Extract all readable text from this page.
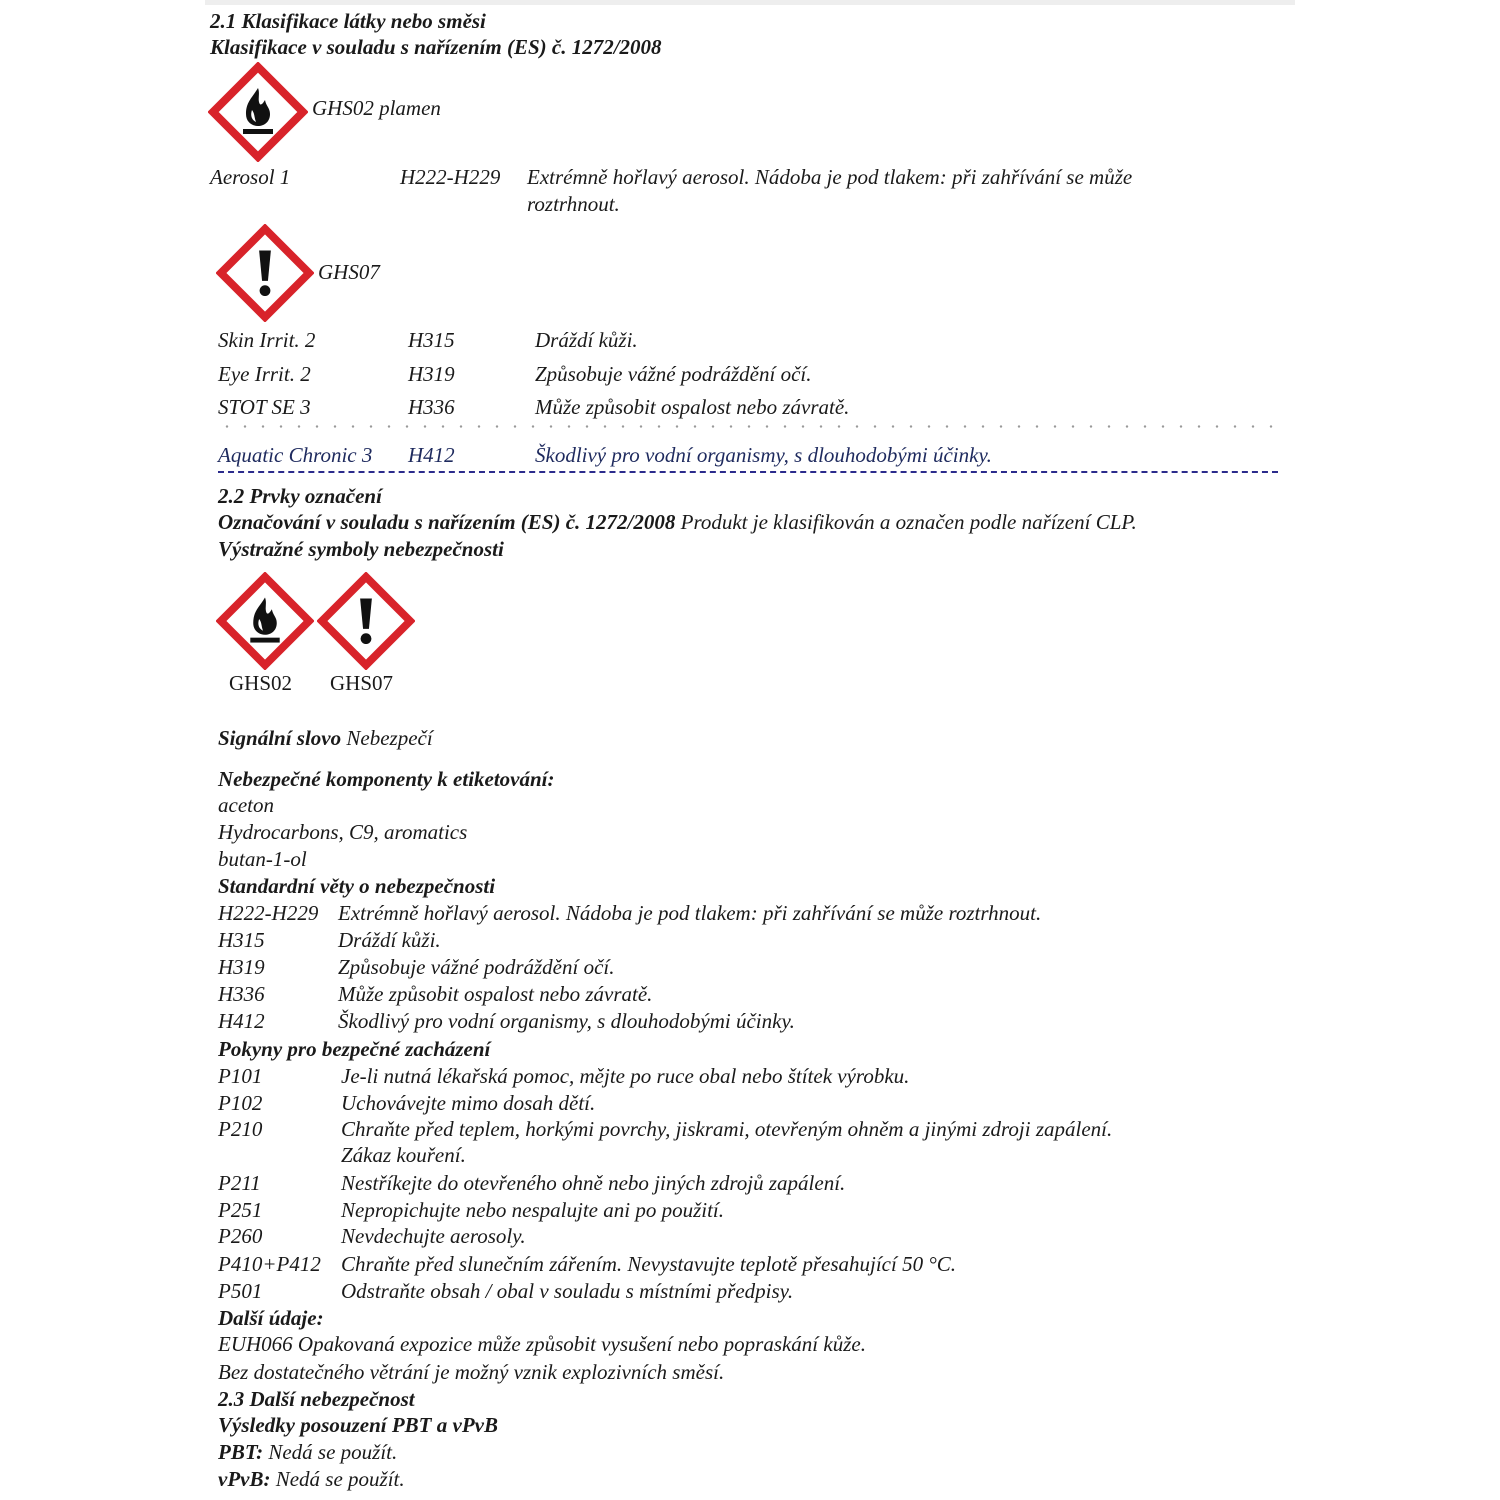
2.1 Klasifikace látky nebo směsi
Klasifikace v souladu s nařízením (ES) č. 1272/2008
GHS02 plamen
Aerosol 1	H222-H229 Extrémně hořlavý aerosol. Nádoba je pod tlakem: při zahřívání se může
roztrhnout.
GHS07
Skin Irrit. 2	H315	Dráždí kůži.
Eye Irrit. 2	H319	Způsobuje vážné podráždění očí.
STOT SE 3	H336	Může způsobit ospalost nebo závratě.
Aquatic Chronic 3 H412	Škodlivý pro vodní organismy, s dlouhodobými účinky.
2.2 Prvky označení
Označování v souladu s nařízením (ES) č. 1272/2008 Produkt je klasifikován a označen podle nařízení CLP.
Výstražné symboly nebezpečnosti
GHS02 GHS07
Signální slovo Nebezpečí
Nebezpečné komponenty k etiketování:
aceton
Hydrocarbons, C9, aromatics
butan-1-ol
Standardní věty o nebezpečnosti
H222-H229 Extrémně hořlavý aerosol. Nádoba je pod tlakem: při zahřívání se může roztrhnout.
H315	Dráždí kůži.
H319	Způsobuje vážné podráždění očí.
H336	Může způsobit ospalost nebo závratě.
H412	Škodlivý pro vodní organismy, s dlouhodobými účinky.
Pokyny pro bezpečné zacházení
P101	Je-li nutná lékařská pomoc, mějte po ruce obal nebo štítek výrobku.
P102	Uchovávejte mimo dosah dětí.
P210	Chraňte před teplem, horkými povrchy, jiskrami, otevřeným ohněm a jinými zdroji zapálení.
Zákaz kouření.
P211	Nestříkejte do otevřeného ohně nebo jiných zdrojů zapálení.
P251	Nepropichujte nebo nespalujte ani po použití.
P260	Nevdechujte aerosoly.
P410+P412 Chraňte před slunečním zářením. Nevystavujte teplotě přesahující 50 °C.
P501	Odstraňte obsah / obal v souladu s místními předpisy.
Další údaje:
EUH066 Opakovaná expozice může způsobit vysušení nebo popraskání kůže.
Bez dostatečného větrání je možný vznik explozivních směsí.
2.3 Další nebezpečnost
Výsledky posouzení PBT a vPvB
PBT: Nedá se použít.
vPvB: Nedá se použít.
